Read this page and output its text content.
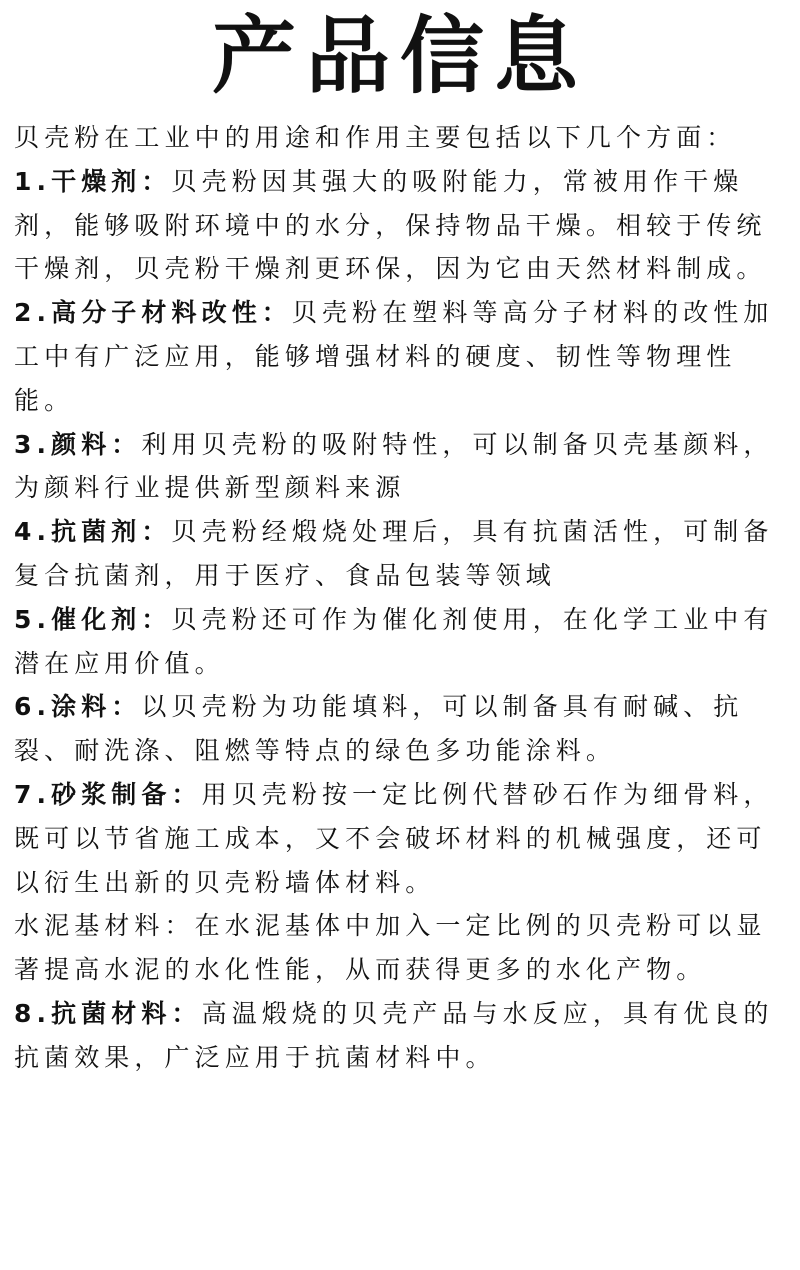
产品信息

贝壳粉在工业中的用途和作用主要包括以下几个方面：

1.干燥剂：贝壳粉因其强大的吸附能力，常被用作干燥剂，能够吸附环境中的水分，保持物品干燥。相较于传统干燥剂，贝壳粉干燥剂更环保，因为它由天然材料制成。

2.高分子材料改性：贝壳粉在塑料等高分子材料的改性加工中有广泛应用，能够增强材料的硬度、韧性等物理性能。

3.颜料：利用贝壳粉的吸附特性，可以制备贝壳基颜料，为颜料行业提供新型颜料来源

4.抗菌剂：贝壳粉经煅烧处理后，具有抗菌活性，可制备复合抗菌剂，用于医疗、食品包装等领域

5.催化剂：贝壳粉还可作为催化剂使用，在化学工业中有潜在应用价值。

6.涂料：以贝壳粉为功能填料，可以制备具有耐碱、抗裂、耐洗涤、阻燃等特点的绿色多功能涂料。

7.砂浆制备：用贝壳粉按一定比例代替砂石作为细骨料，既可以节省施工成本，又不会破坏材料的机械强度，还可以衍生出新的贝壳粉墙体材料。

水泥基材料：在水泥基体中加入一定比例的贝壳粉可以显著提高水泥的水化性能，从而获得更多的水化产物。

8.抗菌材料：高温煅烧的贝壳产品与水反应，具有优良的抗菌效果，广泛应用于抗菌材料中。
